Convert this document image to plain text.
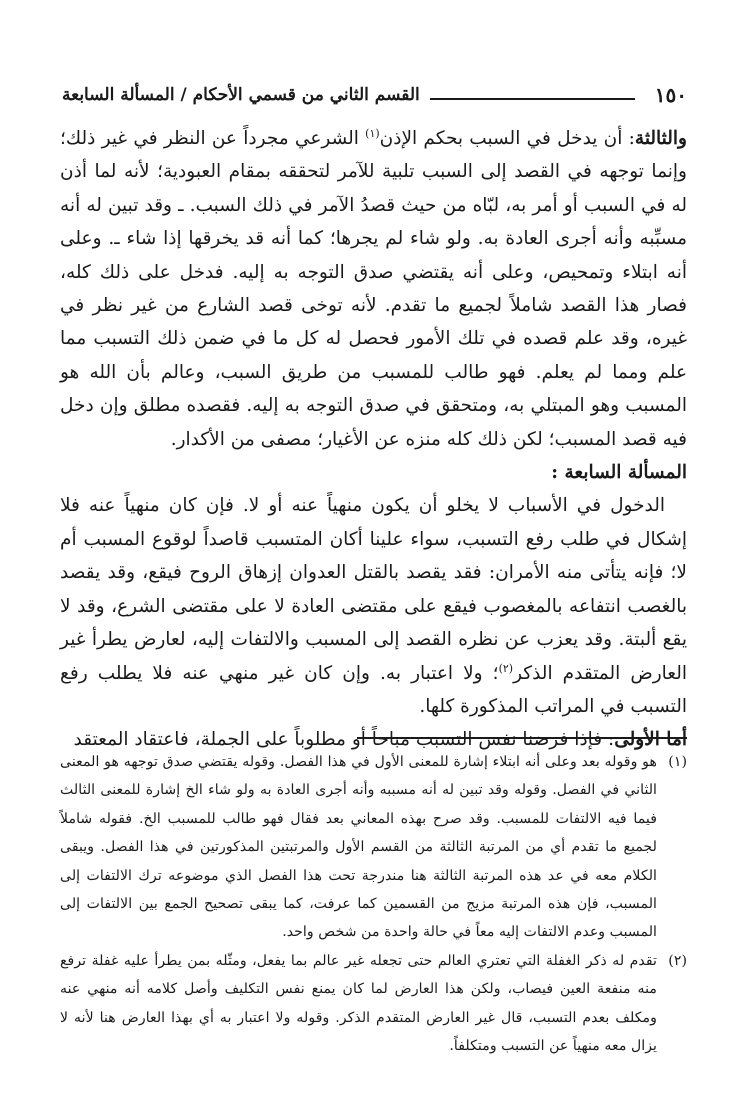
١٥٠
القسم الثاني من قسمي الأحكام / المسألة السابعة

والثالثة: أن يدخل في السبب بحكم الإذن$^{(١)}$ الشرعي مجرداً عن النظر في غير ذلك؛ وإنما توجهه في القصد إلى السبب تلبية للآمر لتحققه بمقام العبودية؛ لأنه لما أذن له في السبب أو أمر به، لبّاه من حيث قصدُ الآمر في ذلك السبب. ـ وقد تبين له أنه مسبِّبه وأنه أجرى العادة به. ولو شاء لم يجرها؛ كما أنه قد يخرقها إذا شاء ـ. وعلى أنه ابتلاء وتمحيص، وعلى أنه يقتضي صدق التوجه به إليه. فدخل على ذلك كله، فصار هذا القصد شاملاً لجميع ما تقدم. لأنه توخى قصد الشارع من غير نظر في غيره، وقد علم قصده في تلك الأمور فحصل له كل ما في ضمن ذلك التسبب مما علم ومما لم يعلم. فهو طالب للمسبب من طريق السبب، وعالم بأن الله هو المسبب وهو المبتلي به، ومتحقق في صدق التوجه به إليه. فقصده مطلق وإن دخل فيه قصد المسبب؛ لكن ذلك كله منزه عن الأغيار؛ مصفى من الأكدار.

المسألة السابعة :

الدخول في الأسباب لا يخلو أن يكون منهياً عنه أو لا. فإن كان منهياً عنه فلا إشكال في طلب رفع التسبب، سواء علينا أكان المتسبب قاصداً لوقوع المسبب أم لا؛ فإنه يتأتى منه الأمران: فقد يقصد بالقتل العدوان إزهاق الروح فيقع، وقد يقصد بالغصب انتفاعه بالمغصوب فيقع على مقتضى العادة لا على مقتضى الشرع، وقد لا يقع ألبتة. وقد يعزب عن نظره القصد إلى المسبب والالتفات إليه، لعارض يطرأ غير العارض المتقدم الذكر$^{(٢)}$؛ ولا اعتبار به. وإن كان غير منهي عنه فلا يطلب رفع التسبب في المراتب المذكورة كلها.

أما الأولى: فإذا فرضنا نفس التسبب مباحاً أو مطلوباً على الجملة، فاعتقاد المعتقد

(١)
هو وقوله بعد وعلى أنه ابتلاء إشارة للمعنى الأول في هذا الفصل. وقوله يقتضي صدق توجهه هو المعنى الثاني في الفصل. وقوله وقد تبين له أنه مسببه وأنه أجرى العادة به ولو شاء الخ إشارة للمعنى الثالث فيما فيه الالتفات للمسبب. وقد صرح بهذه المعاني بعد فقال فهو طالب للمسبب الخ. فقوله شاملاً لجميع ما تقدم أي من المرتبة الثالثة من القسم الأول والمرتبتين المذكورتين في هذا الفصل. ويبقى الكلام معه في عد هذه المرتبة الثالثة هنا مندرجة تحت هذا الفصل الذي موضوعه ترك الالتفات إلى المسبب، فإن هذه المرتبة مزيج من القسمين كما عرفت، كما يبقى تصحيح الجمع بين الالتفات إلى المسبب وعدم الالتفات إليه معاً في حالة واحدة من شخص واحد.
(٢)
تقدم له ذكر الغفلة التي تعتري العالم حتى تجعله غير عالم بما يفعل، ومثّله بمن يطرأ عليه غفلة ترفع منه منفعة العين فيصاب، ولكن هذا العارض لما كان يمنع نفس التكليف وأصل كلامه أنه منهي عنه ومكلف بعدم التسبب، قال غير العارض المتقدم الذكر. وقوله ولا اعتبار به أي بهذا العارض هنا لأنه لا يزال معه منهياً عن التسبب ومتكلفاً.
